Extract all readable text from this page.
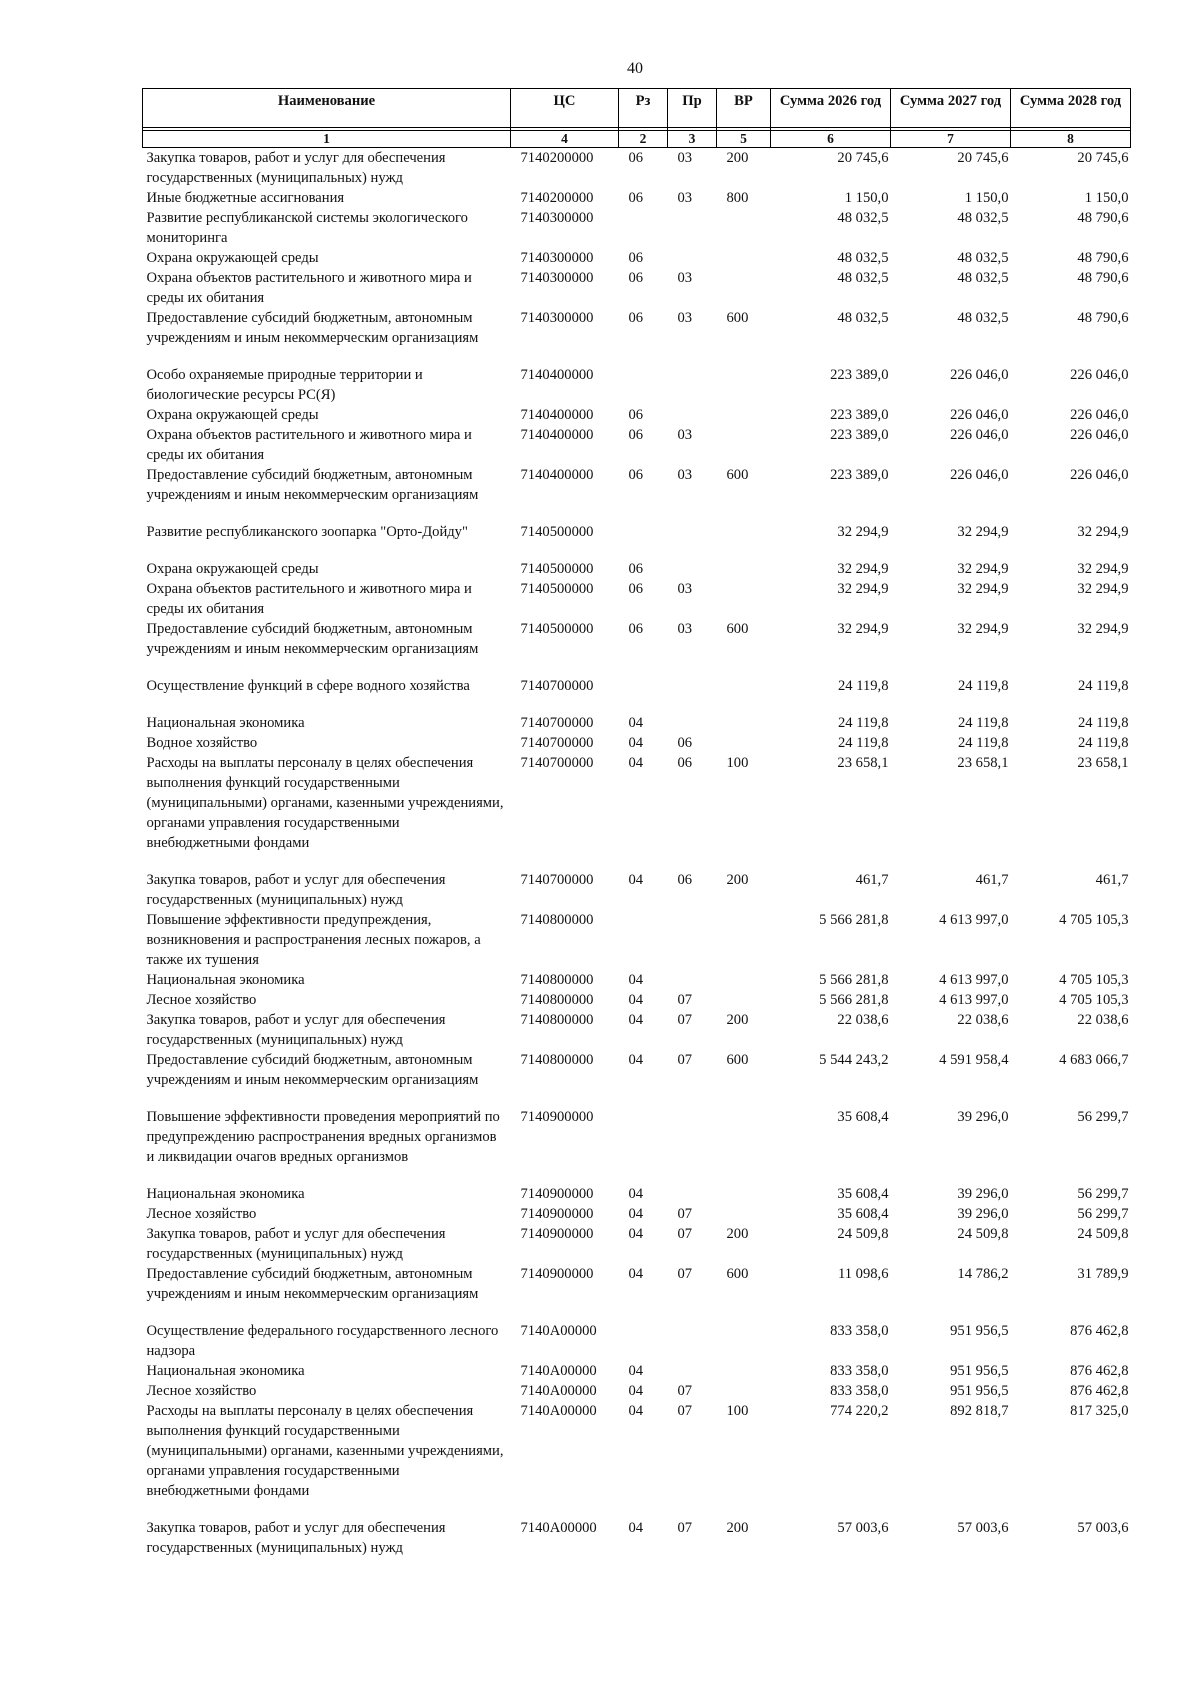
40
Наименование	ЦС	Рз	Пр	ВР	Сумма 2026 год	Сумма 2027 год	Сумма 2028 год

1	4	2	3	5	6	7	8
Закупка товаров, работ и услуг для обеспечения государственных (муниципальных) нужд	7140200000	06	03	200	20 745,6	20 745,6	20 745,6
Иные бюджетные ассигнования	7140200000	06	03	800	1 150,0	1 150,0	1 150,0
Развитие республиканской системы экологического мониторинга	7140300000				48 032,5	48 032,5	48 790,6
Охрана окружающей среды	7140300000	06			48 032,5	48 032,5	48 790,6
Охрана объектов растительного и животного мира и среды их обитания	7140300000	06	03		48 032,5	48 032,5	48 790,6
Предоставление субсидий бюджетным, автономным учреждениям и иным некоммерческим организациям	7140300000	06	03	600	48 032,5	48 032,5	48 790,6

Особо охраняемые природные территории и биологические ресурсы РС(Я)	7140400000				223 389,0	226 046,0	226 046,0
Охрана окружающей среды	7140400000	06			223 389,0	226 046,0	226 046,0
Охрана объектов растительного и животного мира и среды их обитания	7140400000	06	03		223 389,0	226 046,0	226 046,0
Предоставление субсидий бюджетным, автономным учреждениям и иным некоммерческим организациям	7140400000	06	03	600	223 389,0	226 046,0	226 046,0

Развитие республиканского зоопарка "Орто-Дойду"	7140500000				32 294,9	32 294,9	32 294,9

Охрана окружающей среды	7140500000	06			32 294,9	32 294,9	32 294,9
Охрана объектов растительного и животного мира и среды их обитания	7140500000	06	03		32 294,9	32 294,9	32 294,9
Предоставление субсидий бюджетным, автономным учреждениям и иным некоммерческим организациям	7140500000	06	03	600	32 294,9	32 294,9	32 294,9

Осуществление функций в сфере водного хозяйства	7140700000				24 119,8	24 119,8	24 119,8

Национальная экономика	7140700000	04			24 119,8	24 119,8	24 119,8
Водное хозяйство	7140700000	04	06		24 119,8	24 119,8	24 119,8
Расходы на выплаты персоналу в целях обеспечения выполнения функций государственными (муниципальными) органами, казенными учреждениями, органами управления государственными внебюджетными фондами	7140700000	04	06	100	23 658,1	23 658,1	23 658,1

Закупка товаров, работ и услуг для обеспечения государственных (муниципальных) нужд	7140700000	04	06	200	461,7	461,7	461,7
Повышение эффективности предупреждения, возникновения и распространения лесных пожаров, а также их тушения	7140800000				5 566 281,8	4 613 997,0	4 705 105,3
Национальная экономика	7140800000	04			5 566 281,8	4 613 997,0	4 705 105,3
Лесное хозяйство	7140800000	04	07		5 566 281,8	4 613 997,0	4 705 105,3
Закупка товаров, работ и услуг для обеспечения государственных (муниципальных) нужд	7140800000	04	07	200	22 038,6	22 038,6	22 038,6
Предоставление субсидий бюджетным, автономным учреждениям и иным некоммерческим организациям	7140800000	04	07	600	5 544 243,2	4 591 958,4	4 683 066,7

Повышение эффективности проведения мероприятий по предупреждению распространения вредных организмов и ликвидации очагов вредных организмов	7140900000				35 608,4	39 296,0	56 299,7

Национальная экономика	7140900000	04			35 608,4	39 296,0	56 299,7
Лесное хозяйство	7140900000	04	07		35 608,4	39 296,0	56 299,7
Закупка товаров, работ и услуг для обеспечения государственных (муниципальных) нужд	7140900000	04	07	200	24 509,8	24 509,8	24 509,8
Предоставление субсидий бюджетным, автономным учреждениям и иным некоммерческим организациям	7140900000	04	07	600	11 098,6	14 786,2	31 789,9

Осуществление федерального государственного лесного надзора	7140А00000				833 358,0	951 956,5	876 462,8
Национальная экономика	7140А00000	04			833 358,0	951 956,5	876 462,8
Лесное хозяйство	7140А00000	04	07		833 358,0	951 956,5	876 462,8
Расходы на выплаты персоналу в целях обеспечения выполнения функций государственными (муниципальными) органами, казенными учреждениями, органами управления государственными внебюджетными фондами	7140А00000	04	07	100	774 220,2	892 818,7	817 325,0

Закупка товаров, работ и услуг для обеспечения государственных (муниципальных) нужд	7140А00000	04	07	200	57 003,6	57 003,6	57 003,6
